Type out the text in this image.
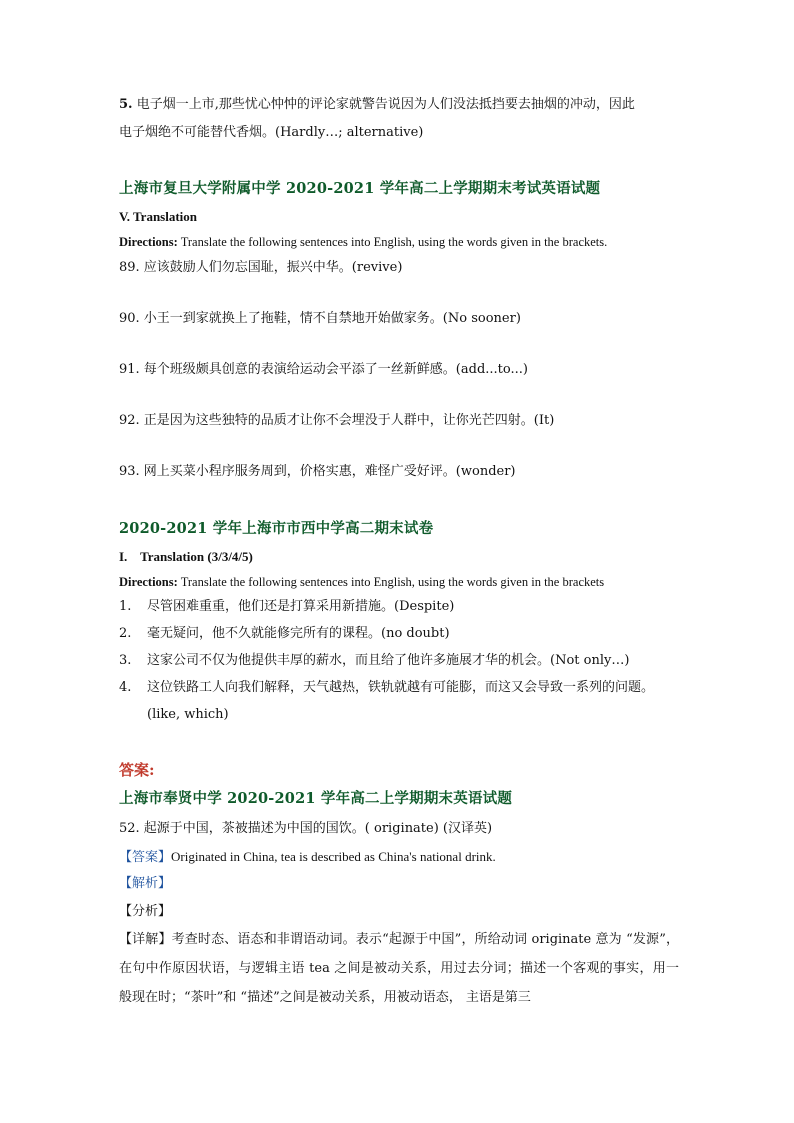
5. 电子烟一上市,那些忧心忡忡的评论家就警告说因为人们没法抵挡要去抽烟的冲动，因此
电子烟绝不可能替代香烟。(Hardly…; alternative)
上海市复旦大学附属中学 2020-2021 学年高二上学期期末考试英语试题
V. Translation
Directions: Translate the following sentences into English, using the words given in the brackets.
89. 应该鼓励人们勿忘国耻，振兴中华。(revive)
90. 小王一到家就换上了拖鞋，情不自禁地开始做家务。(No sooner)
91. 每个班级颇具创意的表演给运动会平添了一丝新鲜感。(add...to...)
92. 正是因为这些独特的品质才让你不会埋没于人群中，让你光芒四射。(It)
93. 网上买菜小程序服务周到，价格实惠，难怪广受好评。(wonder)
2020-2021 学年上海市市西中学高二期末试卷
I.    Translation (3/3/4/5)
Directions: Translate the following sentences into English, using the words given in the brackets
1. 尽管困难重重，他们还是打算采用新措施。(Despite)
2. 毫无疑问，他不久就能修完所有的课程。(no doubt)
3. 这家公司不仅为他提供丰厚的薪水，而且给了他许多施展才华的机会。(Not only…)
4. 这位铁路工人向我们解释，天气越热，铁轨就越有可能膨，而这又会导致一系列的问题。
(like, which)
答案:
上海市奉贤中学 2020-2021 学年高二上学期期末英语试题
52. 起源于中国，茶被描述为中国的国饮。( originate) (汉译英)
【答案】Originated in China, tea is described as China's national drink.
【解析】
【分析】
【详解】考查时态、语态和非谓语动词。表示“起源于中国”，所给动词 originate 意为 “发源”，在句中作原因状语，与逻辑主语 tea 之间是被动关系，用过去分词；描述一个客观的事实，用一般现在时；“茶叶”和 “描述”之间是被动关系，用被动语态， 主语是第三
